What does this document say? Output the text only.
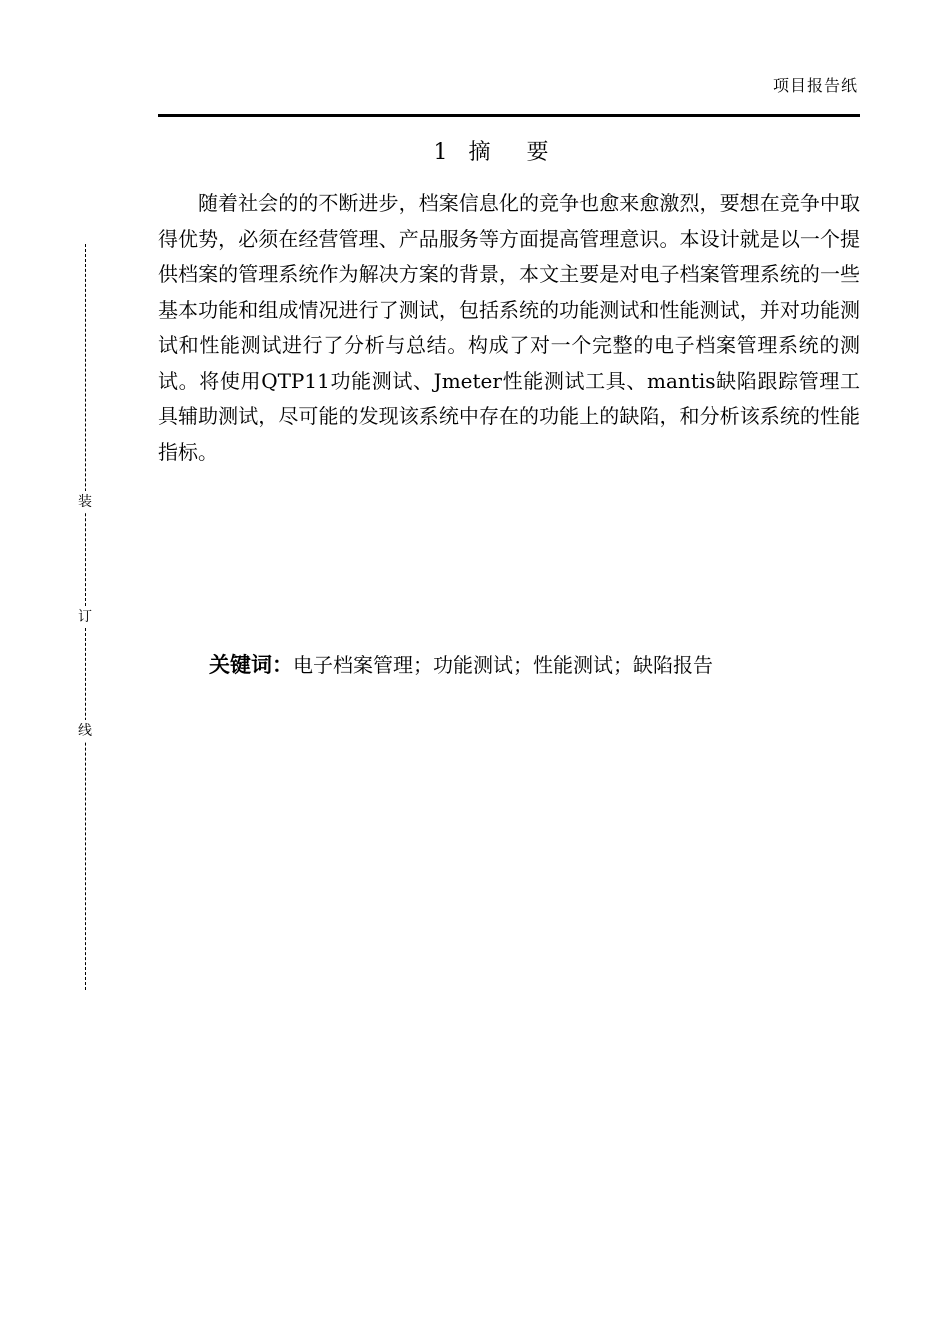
项目报告纸
1 摘要

随着社会的的不断进步，档案信息化的竞争也愈来愈激烈，要想在竞争中取得优势，必须在经营管理、产品服务等方面提高管理意识。本设计就是以一个提供档案的管理系统作为解决方案的背景，本文主要是对电子档案管理系统的一些基本功能和组成情况进行了测试，包括系统的功能测试和性能测试，并对功能测试和性能测试进行了分析与总结。构成了对一个完整的电子档案管理系统的测试。将使用QTP11功能测试、Jmeter性能测试工具、mantis缺陷跟踪管理工具辅助测试，尽可能的发现该系统中存在的功能上的缺陷，和分析该系统的性能指标。

关键词：电子档案管理；功能测试；性能测试；缺陷报告
装
订
线
